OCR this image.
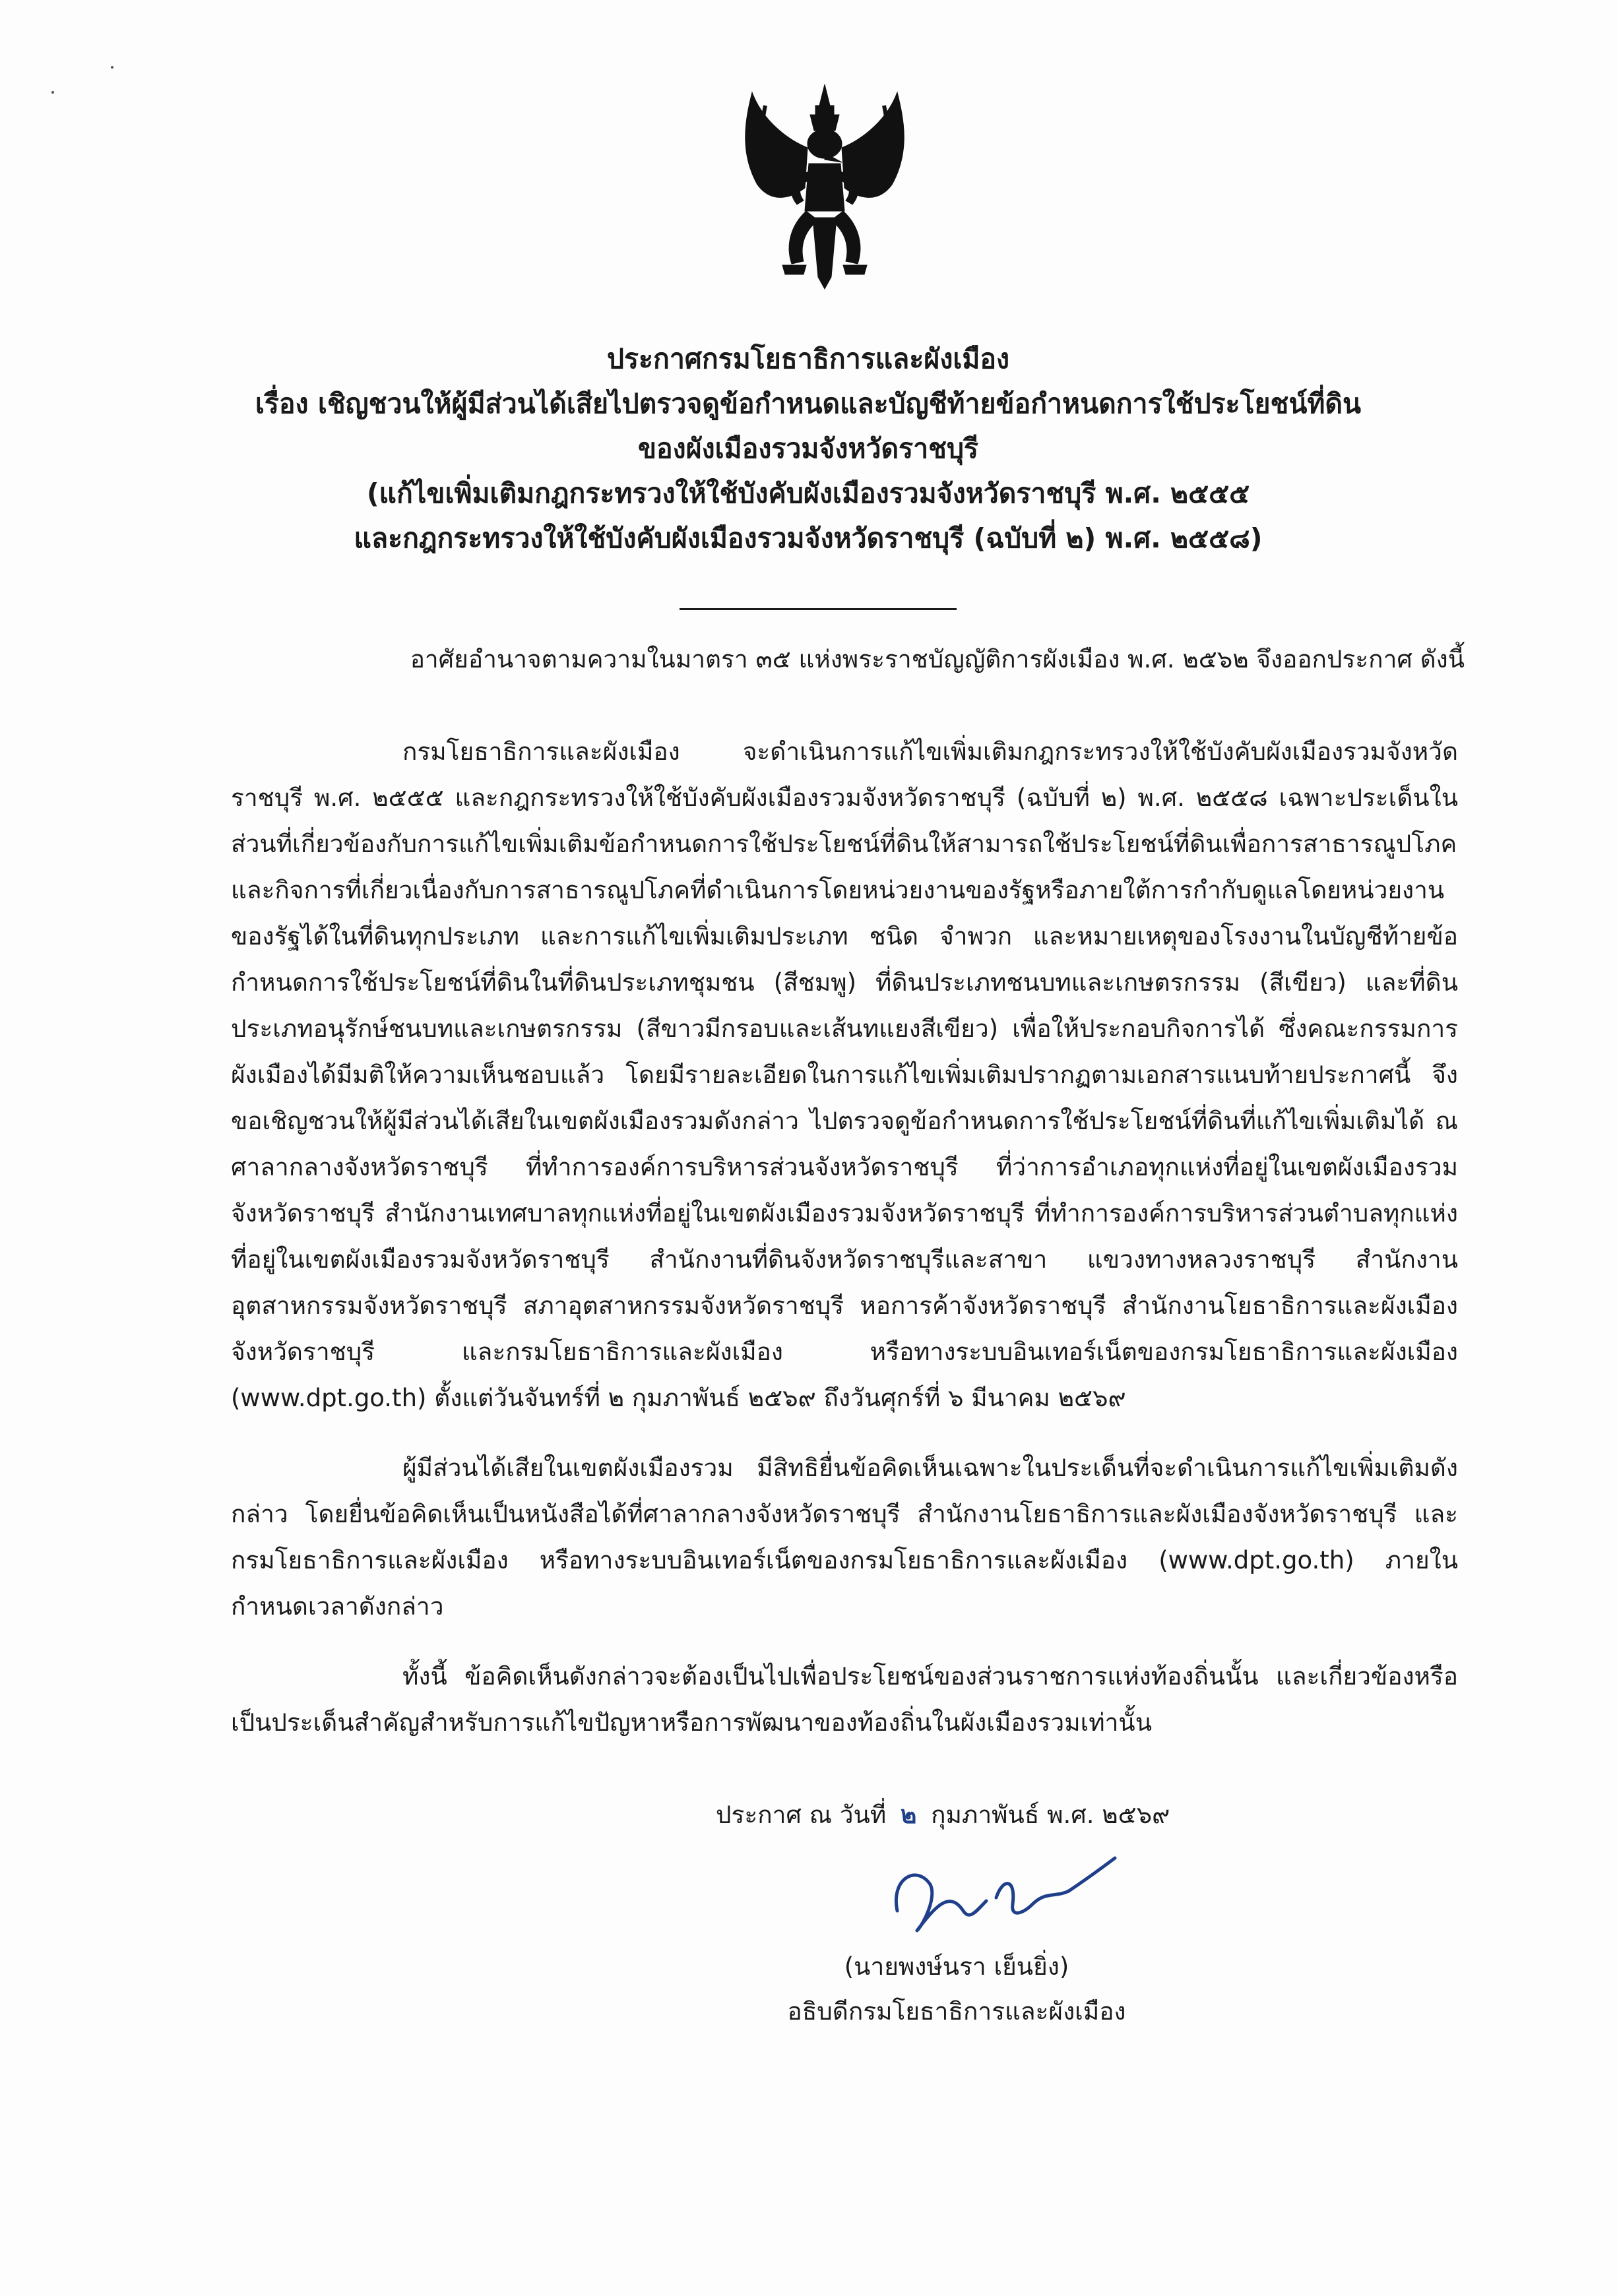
ประกาศกรมโยธาธิการและผังเมือง
เรื่อง เชิญชวนให้ผู้มีส่วนได้เสียไปตรวจดูข้อกำหนดและบัญชีท้ายข้อกำหนดการใช้ประโยชน์ที่ดิน
ของผังเมืองรวมจังหวัดราชบุรี
(แก้ไขเพิ่มเติมกฎกระทรวงให้ใช้บังคับผังเมืองรวมจังหวัดราชบุรี พ.ศ. ๒๕๕๕
และกฎกระทรวงให้ใช้บังคับผังเมืองรวมจังหวัดราชบุรี (ฉบับที่ ๒) พ.ศ. ๒๕๕๘)
อาศัยอำนาจตามความในมาตรา ๓๕ แห่งพระราชบัญญัติการผังเมือง พ.ศ. ๒๕๖๒ จึงออกประกาศ ดังนี้
กรมโยธาธิการและผังเมือง จะดำเนินการแก้ไขเพิ่มเติมกฎกระทรวงให้ใช้บังคับผังเมืองรวมจังหวัดราชบุรี พ.ศ. ๒๕๕๕ และกฎกระทรวงให้ใช้บังคับผังเมืองรวมจังหวัดราชบุรี (ฉบับที่ ๒) พ.ศ. ๒๕๕๘ เฉพาะประเด็นในส่วนที่เกี่ยวข้องกับการแก้ไขเพิ่มเติมข้อกำหนดการใช้ประโยชน์ที่ดินให้สามารถใช้ประโยชน์ที่ดินเพื่อการสาธารณูปโภคและกิจการที่เกี่ยวเนื่องกับการสาธารณูปโภคที่ดำเนินการโดยหน่วยงานของรัฐหรือภายใต้การกำกับดูแลโดยหน่วยงานของรัฐได้ในที่ดินทุกประเภท และการแก้ไขเพิ่มเติมประเภท ชนิด จำพวก และหมายเหตุของโรงงานในบัญชีท้ายข้อกำหนดการใช้ประโยชน์ที่ดินในที่ดินประเภทชุมชน (สีชมพู) ที่ดินประเภทชนบทและเกษตรกรรม (สีเขียว) และที่ดินประเภทอนุรักษ์ชนบทและเกษตรกรรม (สีขาวมีกรอบและเส้นทแยงสีเขียว) เพื่อให้ประกอบกิจการได้ ซึ่งคณะกรรมการผังเมืองได้มีมติให้ความเห็นชอบแล้ว โดยมีรายละเอียดในการแก้ไขเพิ่มเติมปรากฏตามเอกสารแนบท้ายประกาศนี้ จึงขอเชิญชวนให้ผู้มีส่วนได้เสียในเขตผังเมืองรวมดังกล่าว ไปตรวจดูข้อกำหนดการใช้ประโยชน์ที่ดินที่แก้ไขเพิ่มเติมได้ ณ ศาลากลางจังหวัดราชบุรี ที่ทำการองค์การบริหารส่วนจังหวัดราชบุรี ที่ว่าการอำเภอทุกแห่งที่อยู่ในเขตผังเมืองรวมจังหวัดราชบุรี สำนักงานเทศบาลทุกแห่งที่อยู่ในเขตผังเมืองรวมจังหวัดราชบุรี ที่ทำการองค์การบริหารส่วนตำบลทุกแห่งที่อยู่ในเขตผังเมืองรวมจังหวัดราชบุรี สำนักงานที่ดินจังหวัดราชบุรีและสาขา แขวงทางหลวงราชบุรี สำนักงานอุตสาหกรรมจังหวัดราชบุรี สภาอุตสาหกรรมจังหวัดราชบุรี หอการค้าจังหวัดราชบุรี สำนักงานโยธาธิการและผังเมืองจังหวัดราชบุรี และกรมโยธาธิการและผังเมือง หรือทางระบบอินเทอร์เน็ตของกรมโยธาธิการและผังเมือง (www.dpt.go.th) ตั้งแต่วันจันทร์ที่ ๒ กุมภาพันธ์ ๒๕๖๙ ถึงวันศุกร์ที่ ๖ มีนาคม ๒๕๖๙
ผู้มีส่วนได้เสียในเขตผังเมืองรวม มีสิทธิยื่นข้อคิดเห็นเฉพาะในประเด็นที่จะดำเนินการแก้ไขเพิ่มเติมดังกล่าว โดยยื่นข้อคิดเห็นเป็นหนังสือได้ที่ศาลากลางจังหวัดราชบุรี สำนักงานโยธาธิการและผังเมืองจังหวัดราชบุรี และกรมโยธาธิการและผังเมือง หรือทางระบบอินเทอร์เน็ตของกรมโยธาธิการและผังเมือง (www.dpt.go.th) ภายในกำหนดเวลาดังกล่าว
ทั้งนี้ ข้อคิดเห็นดังกล่าวจะต้องเป็นไปเพื่อประโยชน์ของส่วนราชการแห่งท้องถิ่นนั้น และเกี่ยวข้องหรือเป็นประเด็นสำคัญสำหรับการแก้ไขปัญหาหรือการพัฒนาของท้องถิ่นในผังเมืองรวมเท่านั้น
ประกาศ ณ วันที่ ๒ กุมภาพันธ์ พ.ศ. ๒๕๖๙
(นายพงษ์นรา เย็นยิ่ง)
อธิบดีกรมโยธาธิการและผังเมือง
